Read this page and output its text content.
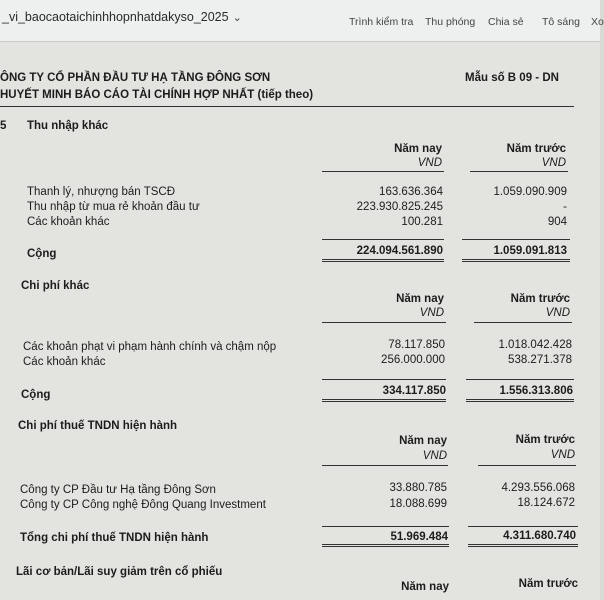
_vi_baocaotaichinhhopnhatdakyso_2025 ⌄	Trình kiểm tra Thu phóng Chia sẻ Tô sáng Xo
ÔNG TY CỔ PHẦN ĐẦU TƯ HẠ TẦNG ĐÔNG SƠN
HUYẾT MINH BÁO CÁO TÀI CHÍNH HỢP NHẤT (tiếp theo)
Mẫu số B 09 - DN
5 Thu nhập khác
Năm nay
VND
Năm trước
VND
Thanh lý, nhượng bán TSCĐ	163.636.364	1.059.090.909
Thu nhập từ mua rẻ khoản đầu tư	223.930.825.245	-
Các khoản khác	100.281	904
Cộng	224.094.561.890	1.059.091.813
Chi phí khác
Năm nay
VND
Năm trước
VND
Các khoản phạt vi phạm hành chính và chậm nộp	78.117.850	1.018.042.428
Các khoản khác	256.000.000	538.271.378
Cộng	334.117.850	1.556.313.806
Chi phí thuế TNDN hiện hành
Năm nay
VND
Năm trước
VND
Công ty CP Đầu tư Hạ tầng Đông Sơn	33.880.785	4.293.556.068
Công ty CP Công nghệ Đông Quang Investment	18.088.699	18.124.672
Tổng chi phí thuế TNDN hiện hành	51.969.484	4.311.680.740
Lãi cơ bản/Lãi suy giảm trên cổ phiếu
Năm nay	Năm trước
